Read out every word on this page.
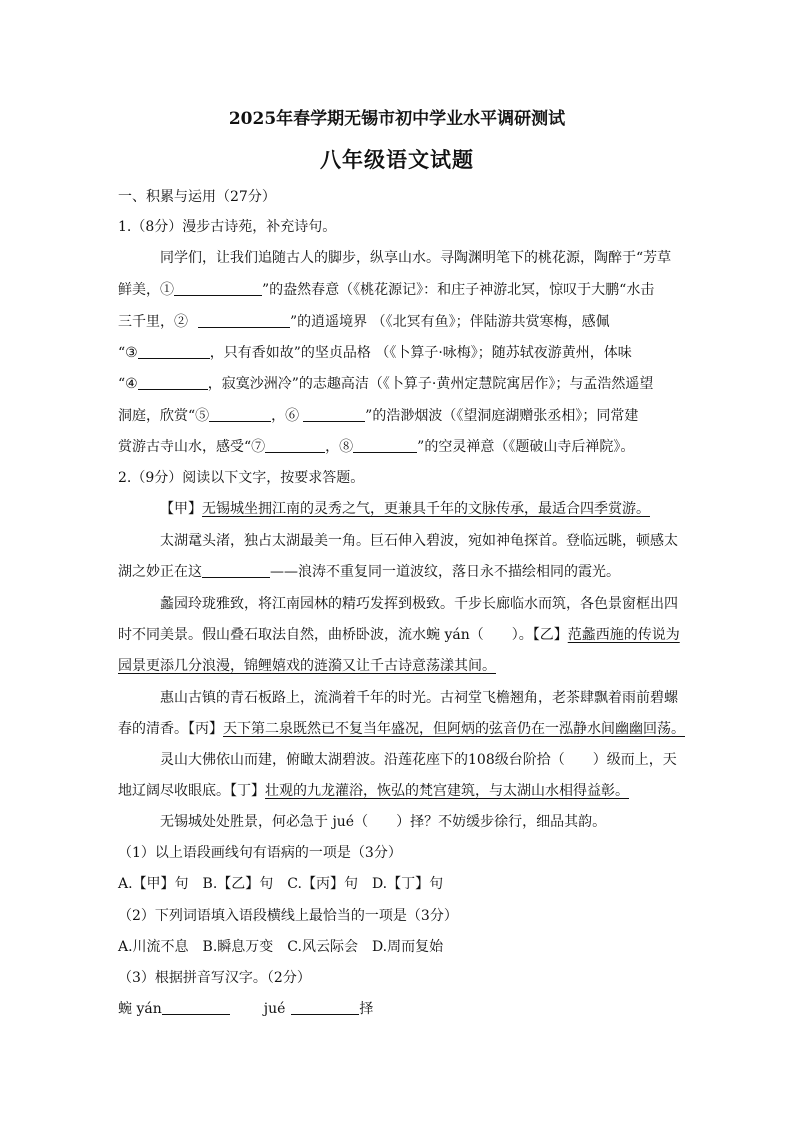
2025年春学期无锡市初中学业水平调研测试
八年级语文试题
一、积累与运用（27分）
1.（8分）漫步古诗苑，补充诗句。
同学们，让我们追随古人的脚步，纵享山水。寻陶渊明笔下的桃花源，陶醉于“芳草
鲜美，①	”的盎然春意（《桃花源记》：和庄子神游北冥，惊叹于大鹏“水击
三千里，②	”的逍遥境界 （《北冥有鱼》；伴陆游共赏寒梅，感佩
“③	，只有香如故”的坚贞品格 （《卜算子·咏梅》；随苏轼夜游黄州，体味
“④	，寂寞沙洲冷”的志趣高洁（《卜算子·黄州定慧院寓居作》；与孟浩然遥望
洞庭，欣赏“⑤	，⑥	”的浩渺烟波（《望洞庭湖赠张丞相》；同常建
赏游古寺山水，感受“⑦	，⑧	”的空灵禅意（《题破山寺后禅院》。
2.（9分）阅读以下文字，按要求答题。
【甲】无锡城坐拥江南的灵秀之气，更兼具千年的文脉传承，最适合四季赏游。
太湖鼋头渚，独占太湖最美一角。巨石伸入碧波，宛如神龟探首。登临远眺，顿感太
湖之妙正在这	——浪涛不重复同一道波纹，落日永不描绘相同的霞光。
蠡园玲珑雅致，将江南园林的精巧发挥到极致。千步长廊临水而筑，各色景窗框出四
时不同美景。假山叠石取法自然，曲桥卧波，流水蜿 yán（　　）。【乙】范蠡西施的传说为
园景更添几分浪漫，锦鲤嬉戏的涟漪又让千古诗意荡漾其间。
惠山古镇的青石板路上，流淌着千年的时光。古祠堂飞檐翘角，老茶肆飘着雨前碧螺
春的清香。【丙】天下第二泉既然已不复当年盛况，但阿炳的弦音仍在一泓静水间幽幽回荡。
灵山大佛依山而建，俯瞰太湖碧波。沿莲花座下的108级台阶拾（　　）级而上，天
地辽阔尽收眼底。【丁】壮观的九龙灌浴，恢弘的梵宫建筑，与太湖山水相得益彰。
无锡城处处胜景，何必急于 jué（　　）择？不妨缓步徐行，细品其韵。
（1）以上语段画线句有语病的一项是（3分）
A.【甲】句　B.【乙】句　C.【丙】句　D.【丁】句
（2）下列词语填入语段横线上最恰当的一项是（3分）
A.川流不息　B.瞬息万变　C.风云际会　D.周而复始
（3）根据拼音写汉字。（2分）
蜿 yán	jué	择
